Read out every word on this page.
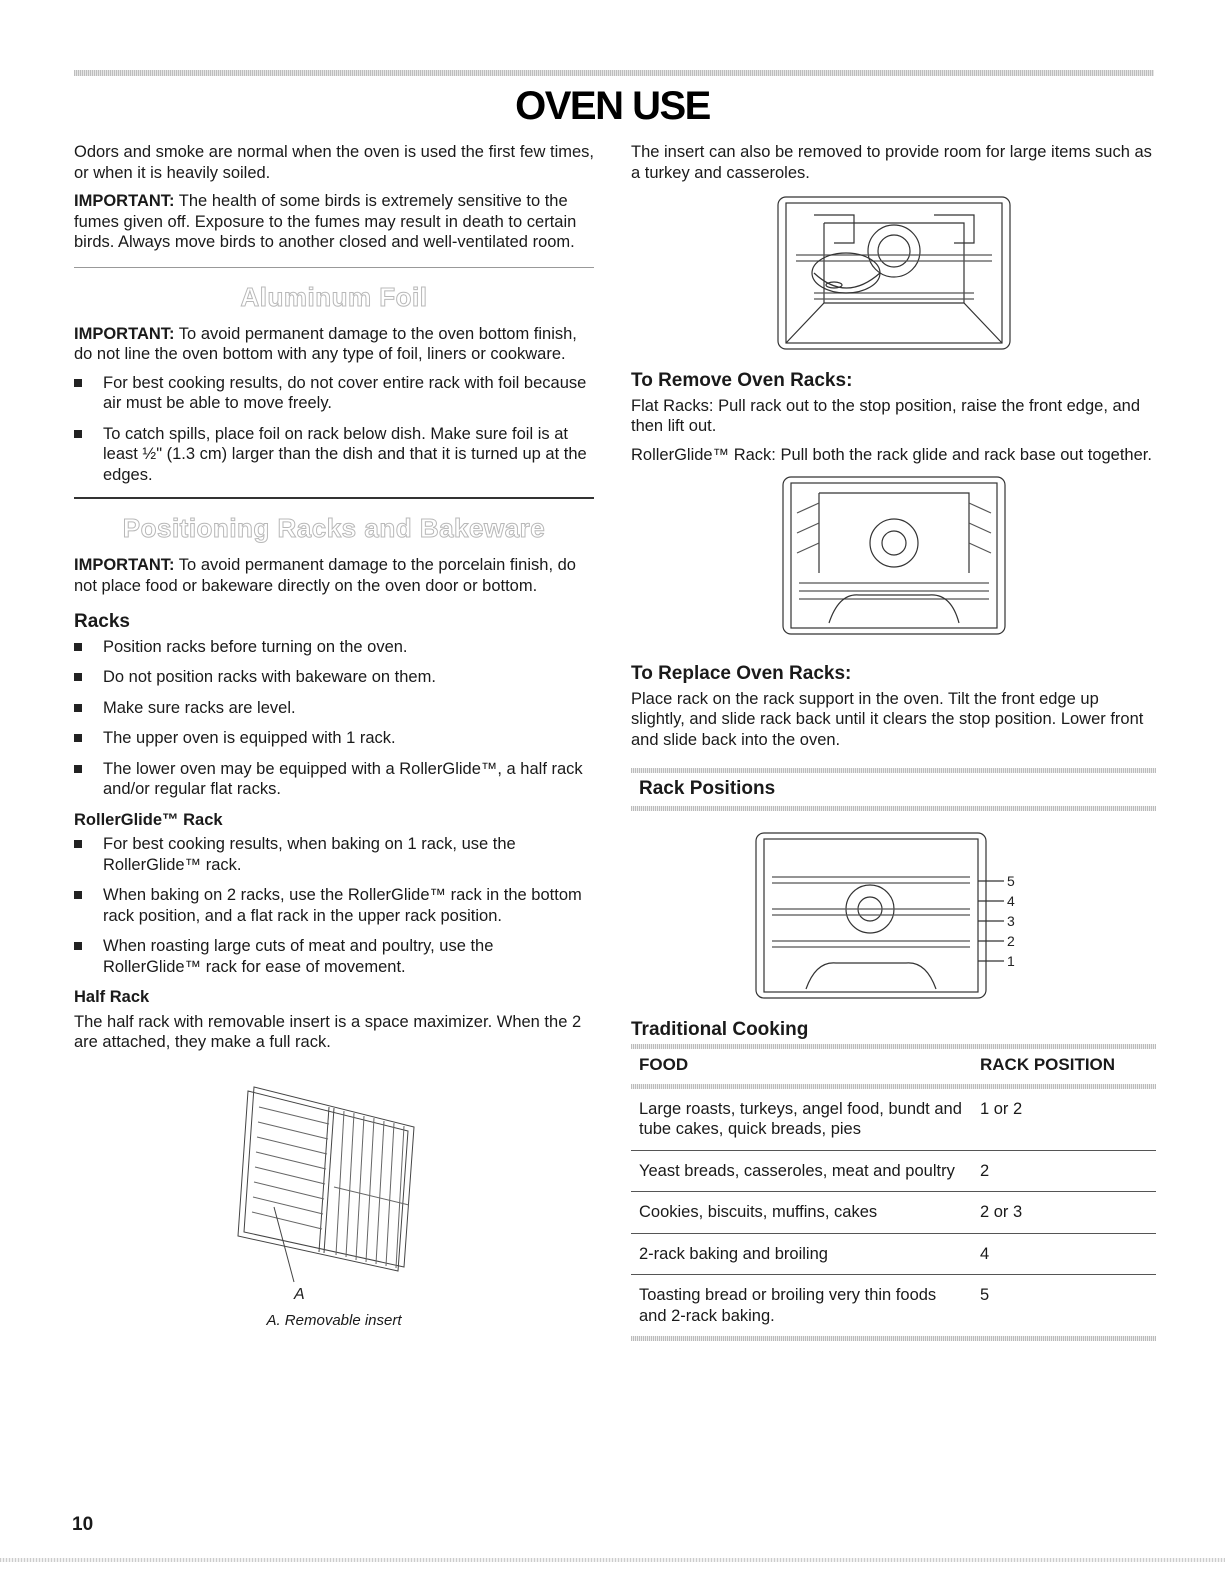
OVEN USE

Odors and smoke are normal when the oven is used the first few times, or when it is heavily soiled.

IMPORTANT: The health of some birds is extremely sensitive to the fumes given off. Exposure to the fumes may result in death to certain birds. Always move birds to another closed and well-ventilated room.

Aluminum Foil

IMPORTANT: To avoid permanent damage to the oven bottom finish, do not line the oven bottom with any type of foil, liners or cookware.

For best cooking results, do not cover entire rack with foil because air must be able to move freely.
To catch spills, place foil on rack below dish. Make sure foil is at least ½" (1.3 cm) larger than the dish and that it is turned up at the edges.
Positioning Racks and Bakeware

IMPORTANT: To avoid permanent damage to the porcelain finish, do not place food or bakeware directly on the oven door or bottom.

Racks
Position racks before turning on the oven.
Do not position racks with bakeware on them.
Make sure racks are level.
The upper oven is equipped with 1 rack.
The lower oven may be equipped with a RollerGlide™, a half rack and/or regular flat racks.
RollerGlide™ Rack
For best cooking results, when baking on 1 rack, use the RollerGlide™ rack.
When baking on 2 racks, use the RollerGlide™ rack in the bottom rack position, and a flat rack in the upper rack position.
When roasting large cuts of meat and poultry, use the RollerGlide™ rack for ease of movement.
Half Rack

The half rack with removable insert is a space maximizer. When the 2 are attached, they make a full rack.

A
A. Removable insert

The insert can also be removed to provide room for large items such as a turkey and casseroles.

To Remove Oven Racks:

Flat Racks: Pull rack out to the stop position, raise the front edge, and then lift out.

RollerGlide™ Rack: Pull both the rack glide and rack base out together.

To Replace Oven Racks:

Place rack on the rack support in the oven. Tilt the front edge up slightly, and slide rack back until it clears the stop position. Lower front and slide back into the oven.

Rack Positions
5
4
3
2
1
Traditional Cooking
FOOD	RACK POSITION

Large roasts, turkeys, angel food, bundt and tube cakes, quick breads, pies	1 or 2
Yeast breads, casseroles, meat and poultry	2
Cookies, biscuits, muffins, cakes	2 or 3
2-rack baking and broiling	4
Toasting bread or broiling very thin foods and 2-rack baking.	5
10
